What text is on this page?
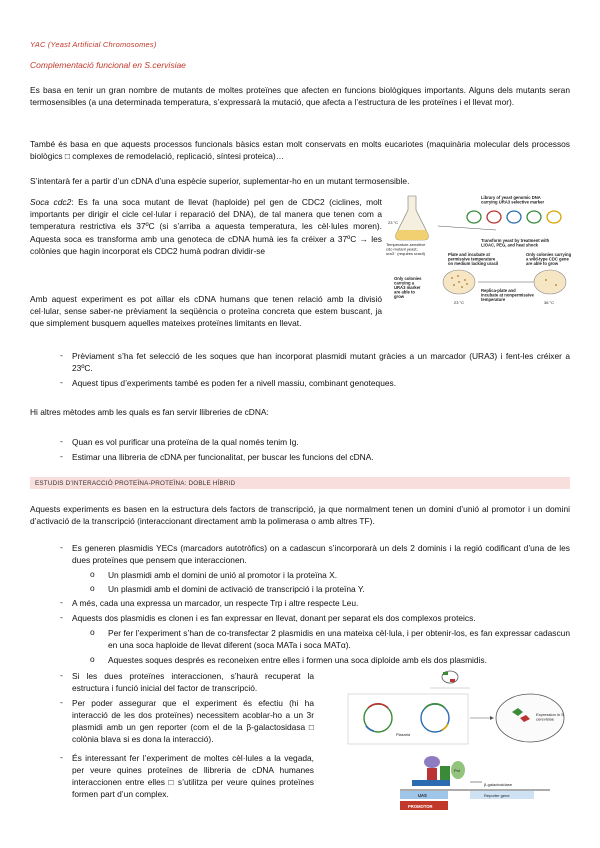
YAC (Yeast Artificial Chromosomes)
Complementació funcional en S.cervisiae

Es basa en tenir un gran nombre de mutants de moltes proteïnes que afecten en funcions biològiques importants. Alguns dels mutants seran termosensibles (a una determinada temperatura, s’expressarà la mutació, que afecta a l’estructura de les proteïnes i el llevat mor).

També és basa en que aquests processos funcionals bàsics estan molt conservats en molts eucariotes (maquinària molecular dels processos biològics □ complexes de remodelació, replicació, síntesi proteica)…

S’intentarà fer a partir d’un cDNA d’una espècie superior, suplementar-ho en un mutant termosensible.

Soca cdc2: Es fa una soca mutant de llevat (haploide) pel gen de CDC2 (ciclines, molt importants per dirigir el cicle cel·lular i reparació del DNA), de tal manera que tenen com a temperatura restrictiva els 37ºC (si s’arriba a aquesta temperatura, les cèl·lules moren). Aquesta soca es transforma amb una genoteca de cDNA humà ies fa créixer a 37ºC → les colònies que hagin incorporat els CDC2 humà podran dividir-se

Amb aquest experiment es pot aïllar els cDNA humans que tenen relació amb la divisió cel·lular, sense saber-ne prèviament la seqüència o proteïna concreta que estem buscant, ja que simplement busquem aquelles mateixes proteïnes limitants en llevat.

23 °C
Temperature-sensitive cdc-mutant yeast; ura3⁻ (requires uracil)
Library of yeast genomic DNA carrying URA3 selective marker
Transform yeast by treatment with LiOAC, PEG, and heat shock
Plate and incubate at permissive temperature on medium lacking uracil
23 °C
Only colonies carrying a URA3 marker are able to grow
Replica-plate and incubate at nonpermissive temperature
36 °C
Only colonies carrying a wild-type CDC gene are able to grow
- Prèviament s’ha fet selecció de les soques que han incorporat plasmidi mutant gràcies a un marcador (URA3) i fent-les créixer a 23ºC.
- Aquest tipus d’experiments també es poden fer a nivell massiu, combinant genoteques.

Hi altres mètodes amb les quals es fan servir llibreries de cDNA:

- Quan es vol purificar una proteïna de la qual només tenim Ig.
- Estimar una llibreria de cDNA per funcionalitat, per buscar les funcions del cDNA.
ESTUDIS D’INTERACCIÓ PROTEÏNA-PROTEÏNA: DOBLE HÍBRID

Aquests experiments es basen en la estructura dels factors de transcripció, ja que normalment tenen un domini d’unió al promotor i un domini d’activació de la transcripció (interaccionant directament amb la polimerasa o amb altres TF).

- Es generen plasmidis YECs (marcadors autotròfics) on a cadascun s’incorporarà un dels 2 dominis i la regió codificant d’una de les dues proteïnes que pensem que interaccionen.
o Un plasmidi amb el domini de unió al promotor i la proteïna X.
o Un plasmidi amb el domini de activació de transcripció i la proteïna Y.
- A més, cada una expressa un marcador, un respecte Trp i altre respecte Leu.
- Aquests dos plasmidis es clonen i es fan expressar en llevat, donant per separat els dos complexos proteics.
o Per fer l’experiment s’han de co-transfectar 2 plasmidis en una mateixa cèl·lula, i per obtenir-los, es fan expressar cadascun en una soca haploide de llevat diferent (soca MATa i soca MATα).
o Aquestes soques després es reconeixen entre elles i formen una soca diploide amb els dos plasmidis.
- Si les dues proteïnes interaccionen, s’haurà recuperat la estructura i funció inicial del factor de transcripció.
- Per poder assegurar que el experiment és efectiu (hi ha interacció de les dos proteïnes) necessitem acoblar-ho a un 3r plasmidi amb un gen reporter (com el de la β-galactosidasa □ colònia blava si es dona la interacció).
- És interessant fer l’experiment de moltes cèl·lules a la vegada, per veure quines proteïnes de llibreria de cDNA humanes interaccionen entre elles □ s’utilitza per veure quines proteïnes formen part d’un complex.
Plasmid
Expression in S. cerevisiae
Pol
UAS	Reporter gene
β-galactosidase
PROMOTOR
